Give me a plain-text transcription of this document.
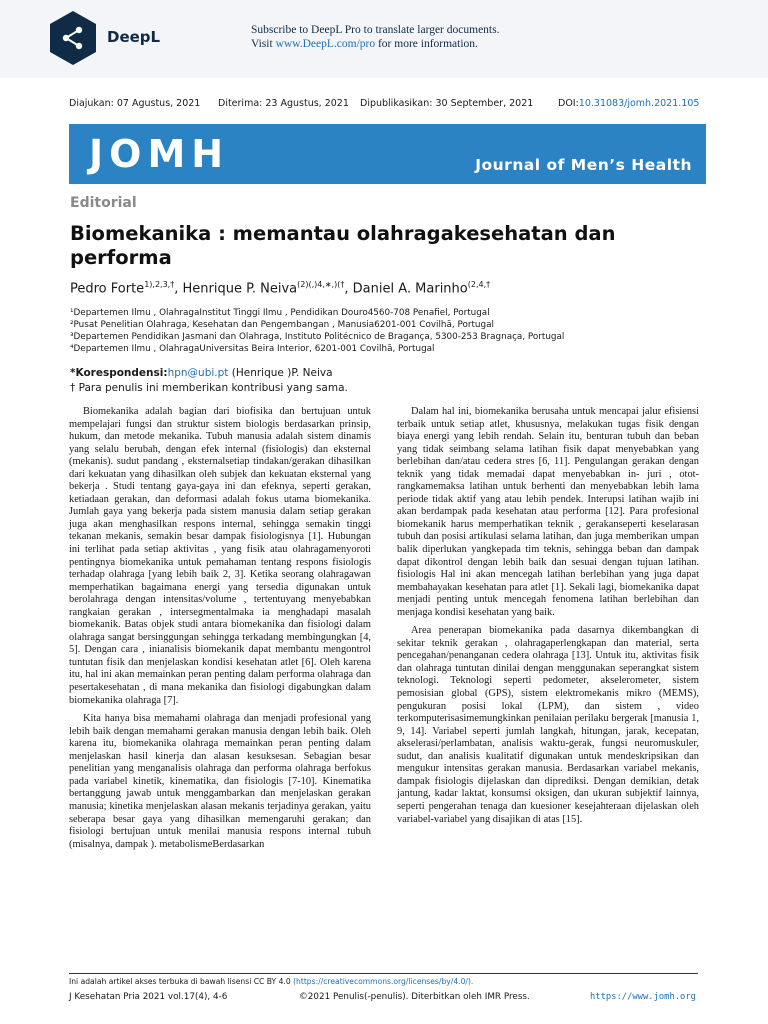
DeepL	Subscribe to DeepL Pro to translate larger documents.
Visit www.DeepL.com/pro for more information.
Diajukan: 07 Agustus, 2021 Diterima: 23 Agustus, 2021 Dipublikasikan: 30 September, 2021	DOI:10.31083/jomh.2021.105
JOMH	Journal of Men’s Health
Editorial
Biomekanika : memantau olahragakesehatan dan performa
Pedro Forte$^{1),2,3,\dagger}$, Henrique P. Neiva$^{(2)(,)4,∗,)(\dagger}$, Daniel A. Marinho$^{(2,4,\dagger}$
¹Departemen Ilmu , OlahragaInstitut Tinggi Ilmu , Pendidikan Douro4560-708 Penafiel, Portugal
²Pusat Penelitian Olahraga, Kesehatan dan Pengembangan , Manusia6201-001 Covilhã, Portugal
³Departemen Pendidikan Jasmani dan Olahraga, Instituto Politécnico de Bragança, 5300-253 Bragnaça, Portugal
⁴Departemen Ilmu , OlahragaUniversitas Beira Interior, 6201-001 Covilhã, Portugal
*Korespondensi:hpn@ubi.pt (Henrique )P. Neiva
† Para penulis ini memberikan kontribusi yang sama.

Biomekanika adalah bagian dari biofisika dan bertujuan untuk mempelajari fungsi dan struktur sistem biologis berdasarkan prinsip, hukum, dan metode mekanika. Tubuh manusia adalah sistem dinamis yang selalu berubah, dengan efek internal (fisiologis) dan eksternal (mekanis). sudut pandang , eksternalsetiap tindakan/gerakan dihasilkan dari kekuatan yang dihasilkan oleh subjek dan kekuatan eksternal yang bekerja . Studi tentang gaya-gaya ini dan efeknya, seperti gerakan, ketiadaan gerakan, dan deformasi adalah fokus utama biomekanika. Jumlah gaya yang bekerja pada sistem manusia dalam setiap gerakan juga akan menghasilkan respons internal, sehingga semakin tinggi tekanan mekanis, semakin besar dampak fisiologisnya [1]. Hubungan ini terlihat pada setiap aktivitas , yang fisik atau olahragamenyoroti pentingnya biomekanika untuk pemahaman tentang respons fisiologis terhadap olahraga [yang lebih baik 2, 3]. Ketika seorang olahragawan memperhatikan bagaimana energi yang tersedia digunakan untuk berolahraga dengan intensitas/volume , tertentuyang menyebabkan rangkaian gerakan , intersegmentalmaka ia menghadapi masalah biomekanik. Batas objek studi antara biomekanika dan fisiologi dalam olahraga sangat bersinggungan sehingga terkadang membingungkan [4, 5]. Dengan cara , inianalisis biomekanik dapat membantu mengontrol tuntutan fisik dan menjelaskan kondisi kesehatan atlet [6]. Oleh karena itu, hal ini akan memainkan peran penting dalam performa olahraga dan pesertakesehatan , di mana mekanika dan fisiologi digabungkan dalam biomekanika olahraga [7].

Kita hanya bisa memahami olahraga dan menjadi profesional yang lebih baik dengan memahami gerakan manusia dengan lebih baik. Oleh karena itu, biomekanika olahraga memainkan peran penting dalam menjelaskan hasil kinerja dan alasan kesuksesan. Sebagian besar penelitian yang menganalisis olahraga dan performa olahraga berfokus pada variabel kinetik, kinematika, dan fisiologis [7-10]. Kinematika bertanggung jawab untuk menggambarkan dan menjelaskan gerakan manusia; kinetika menjelaskan alasan mekanis terjadinya gerakan, yaitu seberapa besar gaya yang dihasilkan memengaruhi gerakan; dan fisiologi bertujuan untuk menilai manusia respons internal tubuh (misalnya, dampak ). metabolismeBerdasarkan

Dalam hal ini, biomekanika berusaha untuk mencapai jalur efisiensi terbaik untuk setiap atlet, khususnya, melakukan tugas fisik dengan biaya energi yang lebih rendah. Selain itu, benturan tubuh dan beban yang tidak seimbang selama latihan fisik dapat menyebabkan yang berlebihan dan/atau cedera stres [6, 11]. Pengulangan gerakan dengan teknik yang tidak memadai dapat menyebabkan in- juri , otot-rangkamemaksa latihan untuk berhenti dan menyebabkan lebih lama periode tidak aktif yang atau lebih pendek. Interupsi latihan wajib ini akan berdampak pada kesehatan atau performa [12]. Para profesional biomekanik harus memperhatikan teknik , gerakanseperti keselarasan tubuh dan posisi artikulasi selama latihan, dan juga memberikan umpan balik diperlukan yangkepada tim teknis, sehingga beban dan dampak dapat dikontrol dengan lebih baik dan sesuai dengan tujuan latihan. fisiologis Hal ini akan mencegah latihan berlebihan yang juga dapat membahayakan kesehatan para atlet [1]. Sekali lagi, biomekanika dapat menjadi penting untuk mencegah fenomena latihan berlebihan dan menjaga kondisi kesehatan yang baik.

Area penerapan biomekanika pada dasarnya dikembangkan di sekitar teknik gerakan , olahragaperlengkapan dan material, serta pencegahan/penanganan cedera olahraga [13]. Untuk itu, aktivitas fisik dan olahraga tuntutan dinilai dengan menggunakan seperangkat sistem teknologi. Teknologi seperti pedometer, akselerometer, sistem pemosisian global (GPS), sistem elektromekanis mikro (MEMS), pengukuran posisi lokal (LPM), dan sistem , video terkomputerisasimemungkinkan penilaian perilaku bergerak [manusia 1, 9, 14]. Variabel seperti jumlah langkah, hitungan, jarak, kecepatan, akselerasi/perlambatan, analisis waktu-gerak, fungsi neuromuskuler, sudut, dan analisis kualitatif digunakan untuk mendeskripsikan dan mengukur intensitas gerakan manusia. Berdasarkan variabel mekanis, dampak fisiologis dijelaskan dan diprediksi. Dengan demikian, detak jantung, kadar laktat, konsumsi oksigen, dan ukuran subjektif lainnya, seperti pengerahan tenaga dan kuesioner kesejahteraan dijelaskan oleh variabel-variabel yang disajikan di atas [15].

Ini adalah artikel akses terbuka di bawah lisensi CC BY 4.0 (https://creativecommons.org/licenses/by/4.0/).
J Kesehatan Pria 2021 vol.17(4), 4-6	©2021 Penulis(-penulis). Diterbitkan oleh IMR Press.	https://www.jomh.org
